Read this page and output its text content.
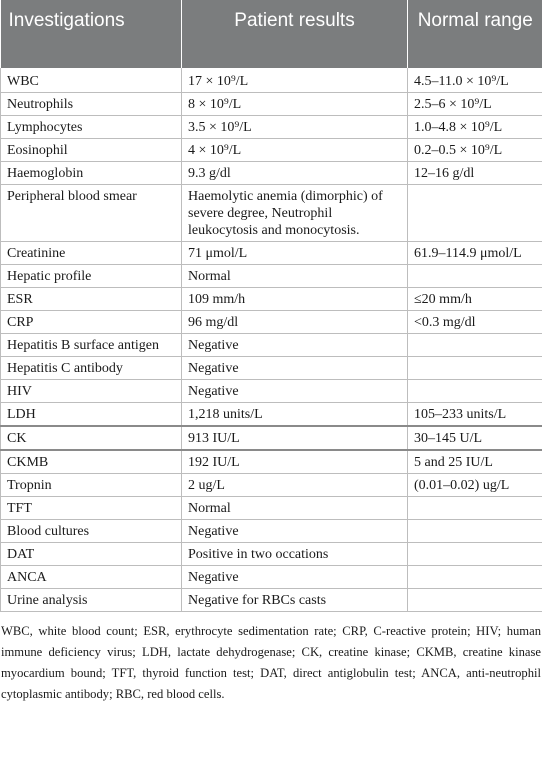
Investigations	Patient results	Normal range
WBC	17 × 10⁹/L	4.5–11.0 × 10⁹/L
Neutrophils	8 × 10⁹/L	2.5–6 × 10⁹/L
Lymphocytes	3.5 × 10⁹/L	1.0–4.8 × 10⁹/L
Eosinophil	4 × 10⁹/L	0.2–0.5 × 10⁹/L
Haemoglobin	9.3 g/dl	12–16 g/dl
Peripheral blood smear	Haemolytic anemia (dimorphic) of severe degree, Neutrophil leukocytosis and monocytosis.	
Creatinine	71 μmol/L	61.9–114.9 μmol/L
Hepatic profile	Normal	
ESR	109 mm/h	≤20 mm/h
CRP	96 mg/dl	<0.3 mg/dl
Hepatitis B surface antigen	Negative	
Hepatitis C antibody	Negative	
HIV	Negative	
LDH	1,218 units/L	105–233 units/L
CK	913 IU/L	30–145 U/L
CKMB	192 IU/L	5 and 25 IU/L
Tropnin	2 ug/L	(0.01–0.02) ug/L
TFT	Normal	
Blood cultures	Negative	
DAT	Positive in two occations	
ANCA	Negative	
Urine analysis	Negative for RBCs casts	
WBC, white blood count; ESR, erythrocyte sedimentation rate; CRP, C-reactive protein; HIV; human immune deficiency virus; LDH, lactate dehydrogenase; CK, creatine kinase; CKMB, creatine kinase myocardium bound; TFT, thyroid function test; DAT, direct antiglobulin test; ANCA, anti-neutrophil cytoplasmic antibody; RBC, red blood cells.
